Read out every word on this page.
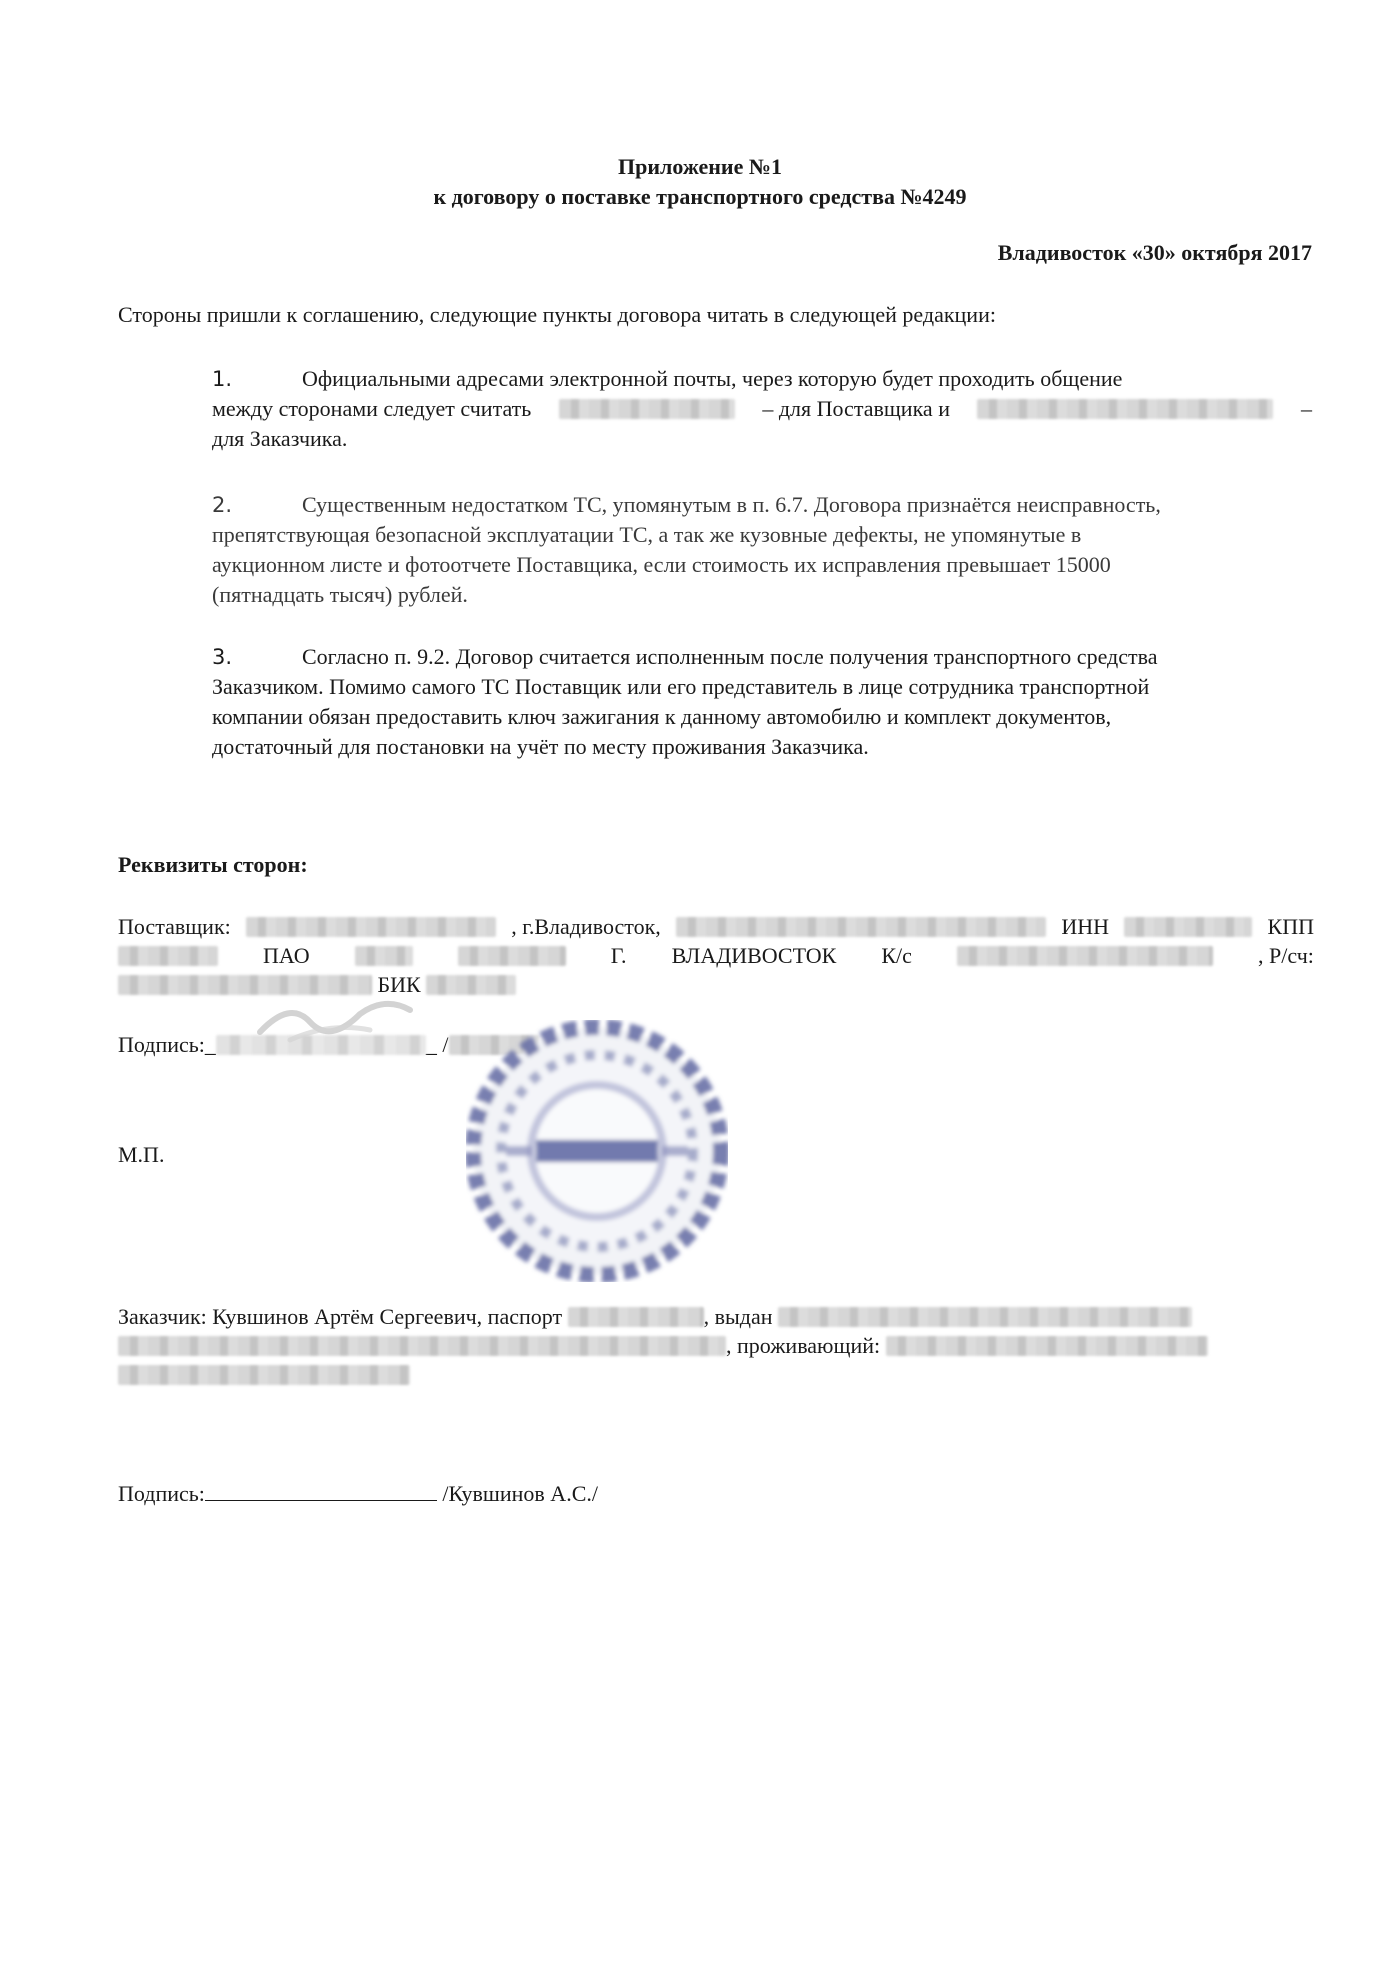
Приложение №1
к договору о поставке транспортного средства №4249
Владивосток «30» октября 2017
Стороны пришли к соглашению, следующие пункты договора читать в следующей редакции:
1.	Официальными адресами электронной почты, через которую будет проходить общение
между сторонами следует считать	– для Поставщика и	–
для Заказчика.
2.	Существенным недостатком ТС, упомянутым в п. 6.7. Договора признаётся неисправность,
препятствующая безопасной эксплуатации ТС, а так же кузовные дефекты, не упомянутые в
аукционном листе и фотоотчете Поставщика, если стоимость их исправления превышает 15000
(пятнадцать тысяч) рублей.
3.	Согласно п. 9.2. Договор считается исполненным после получения транспортного средства
Заказчиком. Помимо самого ТС Поставщик или его представитель в лице сотрудника транспортной
компании обязан предоставить ключ зажигания к данному автомобилю и комплект документов,
достаточный для постановки на учёт по месту проживания Заказчика.
Реквизиты сторон:
Поставщик:	, г.Владивосток,	ИНН	КПП
ПАО	Г. ВЛАДИВОСТОК К/с	, Р/сч:
БИК
Подпись:_	_ /
М.П.
Заказчик: Кувшинов Артём Сергеевич, паспорт	, выдан
, проживающий:
Подпись:	/Кувшинов А.С./
